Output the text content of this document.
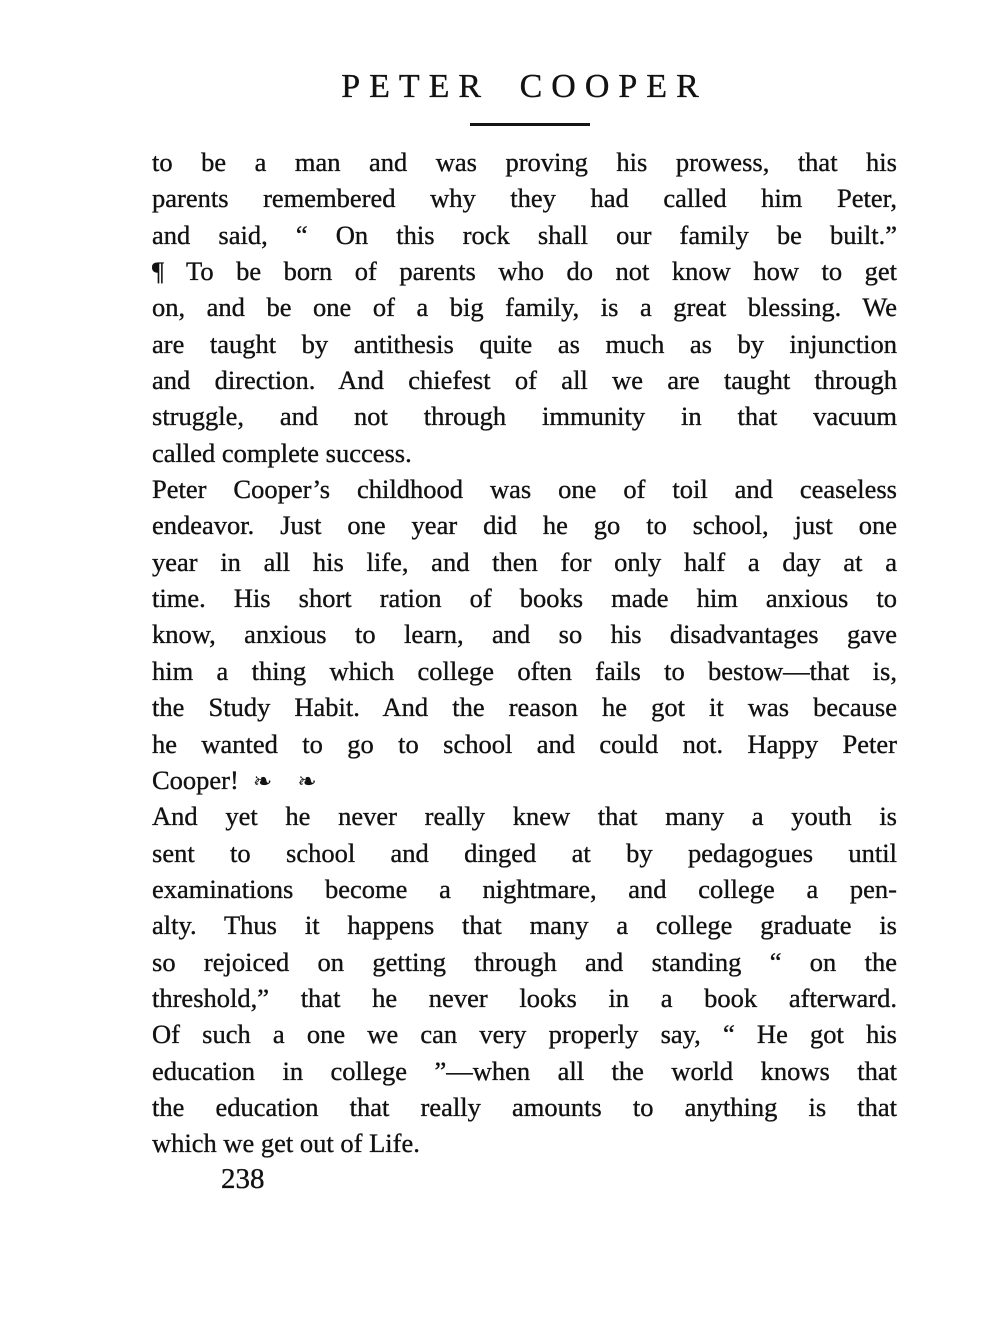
PETER COOPER
to be a man and was proving his prowess, that his
parents remembered why they had called him Peter,
and said, “ On this rock shall our family be built.”
¶ To be born of parents who do not know how to get
on, and be one of a big family, is a great blessing. We
are taught by antithesis quite as much as by injunction
and direction. And chiefest of all we are taught through
struggle, and not through immunity in that vacuum
called complete success.
Peter Cooper’s childhood was one of toil and ceaseless
endeavor. Just one year did he go to school, just one
year in all his life, and then for only half a day at a
time. His short ration of books made him anxious to
know, anxious to learn, and so his disadvantages gave
him a thing which college often fails to bestow—that is,
the Study Habit. And the reason he got it was because
he wanted to go to school and could not. Happy Peter
Cooper! ❧ ❧
And yet he never really knew that many a youth is
sent to school and dinged at by pedagogues until
examinations become a nightmare, and college a pen-
alty. Thus it happens that many a college graduate is
so rejoiced on getting through and standing “ on the
threshold,” that he never looks in a book afterward.
Of such a one we can very properly say, “ He got his
education in college ”—when all the world knows that
the education that really amounts to anything is that
which we get out of Life.
238
